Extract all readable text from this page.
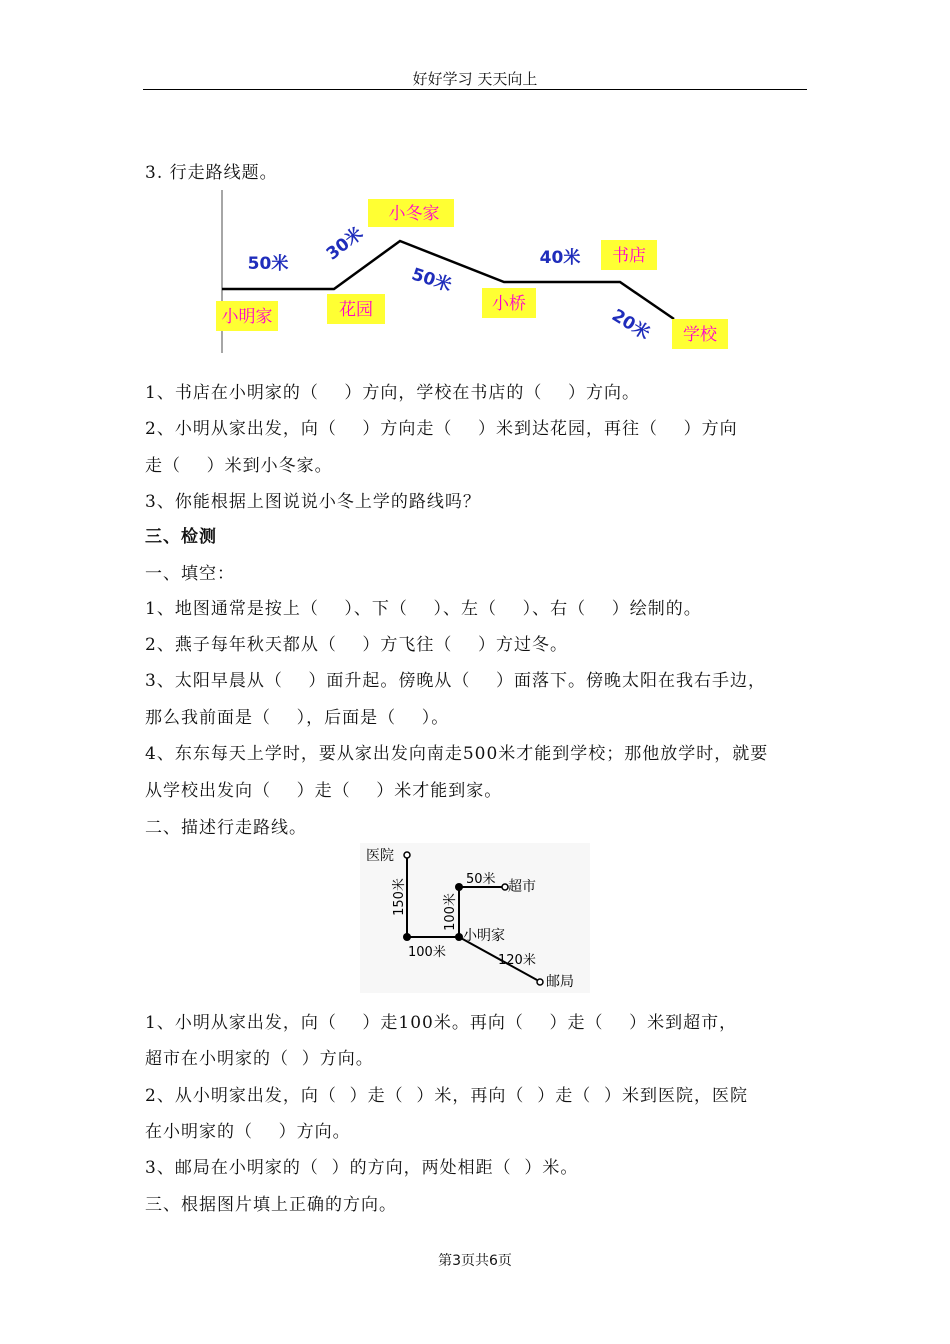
好好学习 天天向上
3. 行走路线题。
小明家	花园
小冬家
小桥
书店
学校
50米 30米
50米
40米
20米
1、书店在小明家的（    ）方向，学校在书店的（    ）方向。
2、小明从家出发，向（    ）方向走（    ）米到达花园，再往（    ）方向
走（    ）米到小冬家。
3、你能根据上图说说小冬上学的路线吗？
三、检测
一、填空：
1、地图通常是按上（    ）、下（    ）、左（    ）、右（    ）绘制的。
2、燕子每年秋天都从（    ）方飞往（    ）方过冬。
3、太阳早晨从（    ）面升起。傍晚从（    ）面落下。傍晚太阳在我右手边，
那么我前面是（    ），后面是（    ）。
4、东东每天上学时，要从家出发向南走500米才能到学校；那他放学时，就要
从学校出发向（    ）走（    ）米才能到家。
二、描述行走路线。
医院
超市
小明家
邮局
50米
150米
100米
100米
120米
1、小明从家出发，向（    ）走100米。再向（    ）走（    ）米到超市，
超市在小明家的（  ）方向。
2、从小明家出发，向（  ）走（  ）米，再向（  ）走（  ）米到医院，医院
在小明家的（    ）方向。
3、邮局在小明家的（  ）的方向，两处相距（  ）米。
三、根据图片填上正确的方向。
第3页共6页
